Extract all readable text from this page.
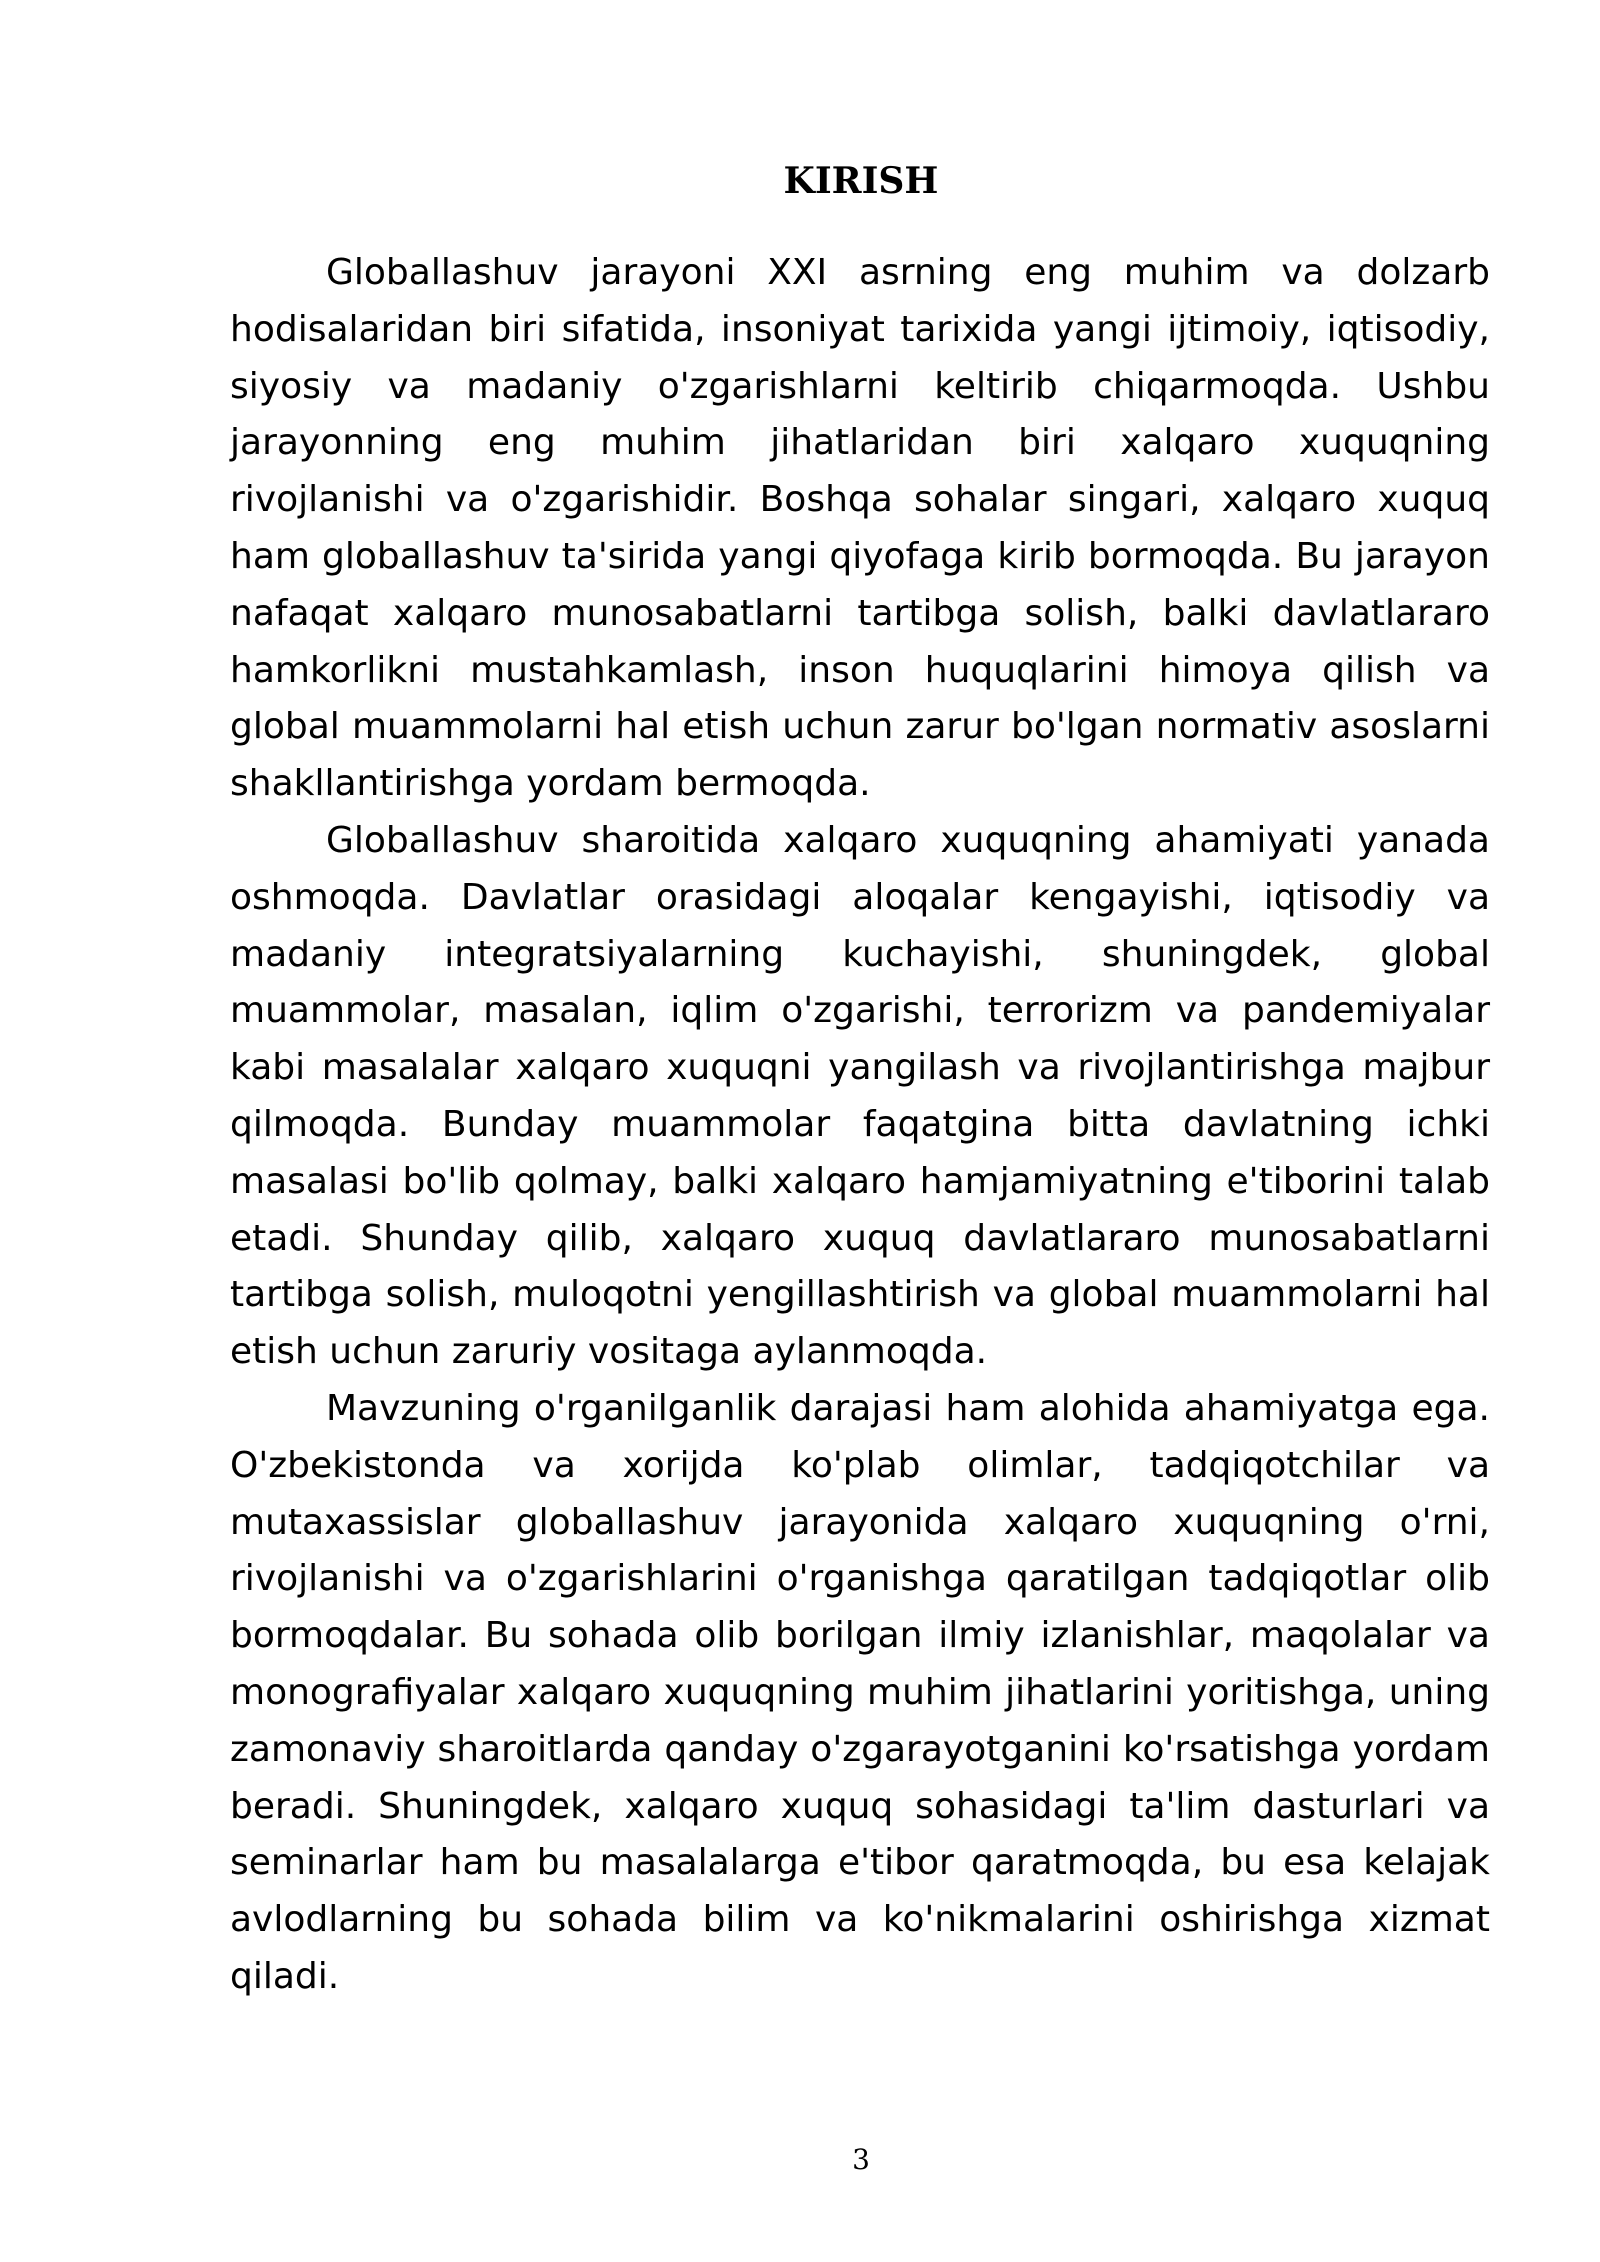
KIRISH

Globallashuv jarayoni XXI asrning eng muhim va dolzarb hodisalaridan biri sifatida, insoniyat tarixida yangi ijtimoiy, iqtisodiy, siyosiy va madaniy o'zgarishlarni keltirib chiqarmoqda. Ushbu jarayonning eng muhim jihatlaridan biri xalqaro xuquqning rivojlanishi va o'zgarishidir. Boshqa sohalar singari, xalqaro xuquq ham globallashuv ta'sirida yangi qiyofaga kirib bormoqda. Bu jarayon nafaqat xalqaro munosabatlarni tartibga solish, balki davlatlararo hamkorlikni mustahkamlash, inson huquqlarini himoya qilish va global muammolarni hal etish uchun zarur bo'lgan normativ asoslarni shakllantirishga yordam bermoqda.

Globallashuv sharoitida xalqaro xuquqning ahamiyati yanada oshmoqda. Davlatlar orasidagi aloqalar kengayishi, iqtisodiy va madaniy integratsiyalarning kuchayishi, shuningdek, global muammolar, masalan, iqlim o'zgarishi, terrorizm va pandemiyalar kabi masalalar xalqaro xuquqni yangilash va rivojlantirishga majbur qilmoqda. Bunday muammolar faqatgina bitta davlatning ichki masalasi bo'lib qolmay, balki xalqaro hamjamiyatning e'tiborini talab etadi. Shunday qilib, xalqaro xuquq davlatlararo munosabatlarni tartibga solish, muloqotni yengillashtirish va global muammolarni hal etish uchun zaruriy vositaga aylanmoqda.

Mavzuning o'rganilganlik darajasi ham alohida ahamiyatga ega. O'zbekistonda va xorijda ko'plab olimlar, tadqiqotchilar va mutaxassislar globallashuv jarayonida xalqaro xuquqning o'rni, rivojlanishi va o'zgarishlarini o'rganishga qaratilgan tadqiqotlar olib bormoqdalar. Bu sohada olib borilgan ilmiy izlanishlar, maqolalar va monografiyalar xalqaro xuquqning muhim jihatlarini yoritishga, uning zamonaviy sharoitlarda qanday o'zgarayotganini ko'rsatishga yordam beradi. Shuningdek, xalqaro xuquq sohasidagi ta'lim dasturlari va seminarlar ham bu masalalarga e'tibor qaratmoqda, bu esa kelajak avlodlarning bu sohada bilim va ko'nikmalarini oshirishga xizmat qiladi.

3
